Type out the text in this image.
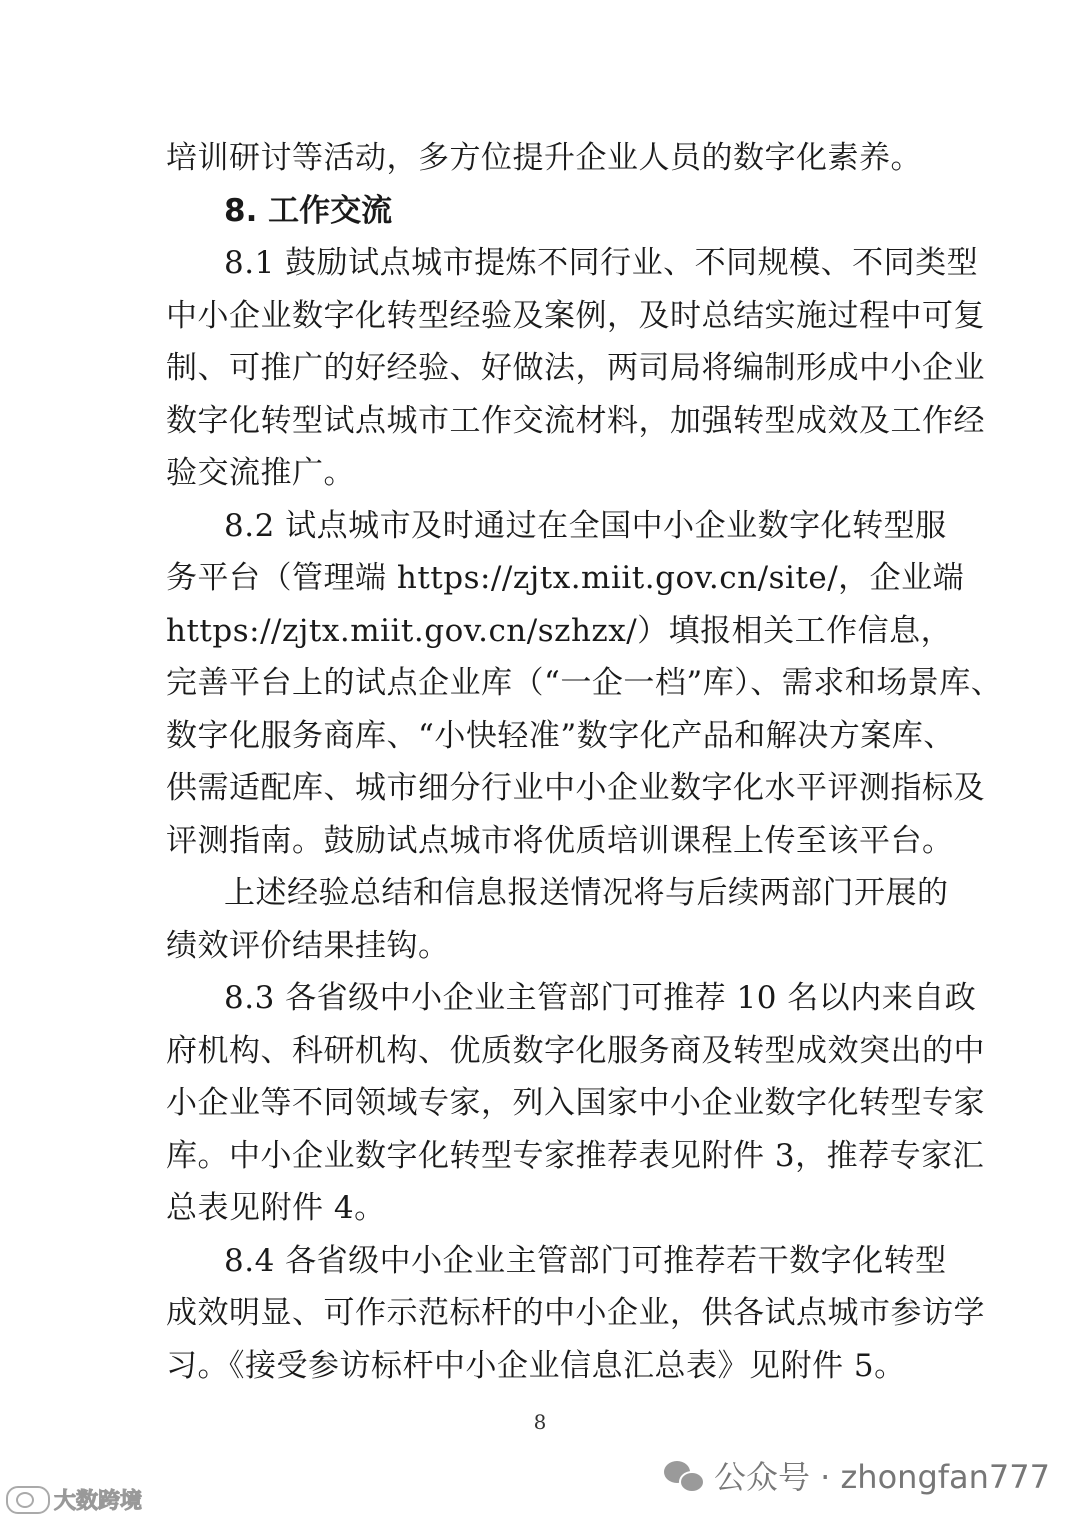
培训研讨等活动，多方位提升企业人员的数字化素养。
8. 工作交流
8.1 鼓励试点城市提炼不同行业、不同规模、不同类型
中小企业数字化转型经验及案例，及时总结实施过程中可复
制、可推广的好经验、好做法，两司局将编制形成中小企业
数字化转型试点城市工作交流材料，加强转型成效及工作经
验交流推广。
8.2 试点城市及时通过在全国中小企业数字化转型服
务平台（管理端 https://zjtx.miit.gov.cn/site/，企业端
https://zjtx.miit.gov.cn/szhzx/）填报相关工作信息，
完善平台上的试点企业库（“一企一档”库）、需求和场景库、
数字化服务商库、“小快轻准”数字化产品和解决方案库、
供需适配库、城市细分行业中小企业数字化水平评测指标及
评测指南。鼓励试点城市将优质培训课程上传至该平台。
上述经验总结和信息报送情况将与后续两部门开展的
绩效评价结果挂钩。
8.3 各省级中小企业主管部门可推荐 10 名以内来自政
府机构、科研机构、优质数字化服务商及转型成效突出的中
小企业等不同领域专家，列入国家中小企业数字化转型专家
库。中小企业数字化转型专家推荐表见附件 3，推荐专家汇
总表见附件 4。
8.4 各省级中小企业主管部门可推荐若干数字化转型
成效明显、可作示范标杆的中小企业，供各试点城市参访学
习。《接受参访标杆中小企业信息汇总表》见附件 5。
8
公众号 · zhongfan777
大数跨境
